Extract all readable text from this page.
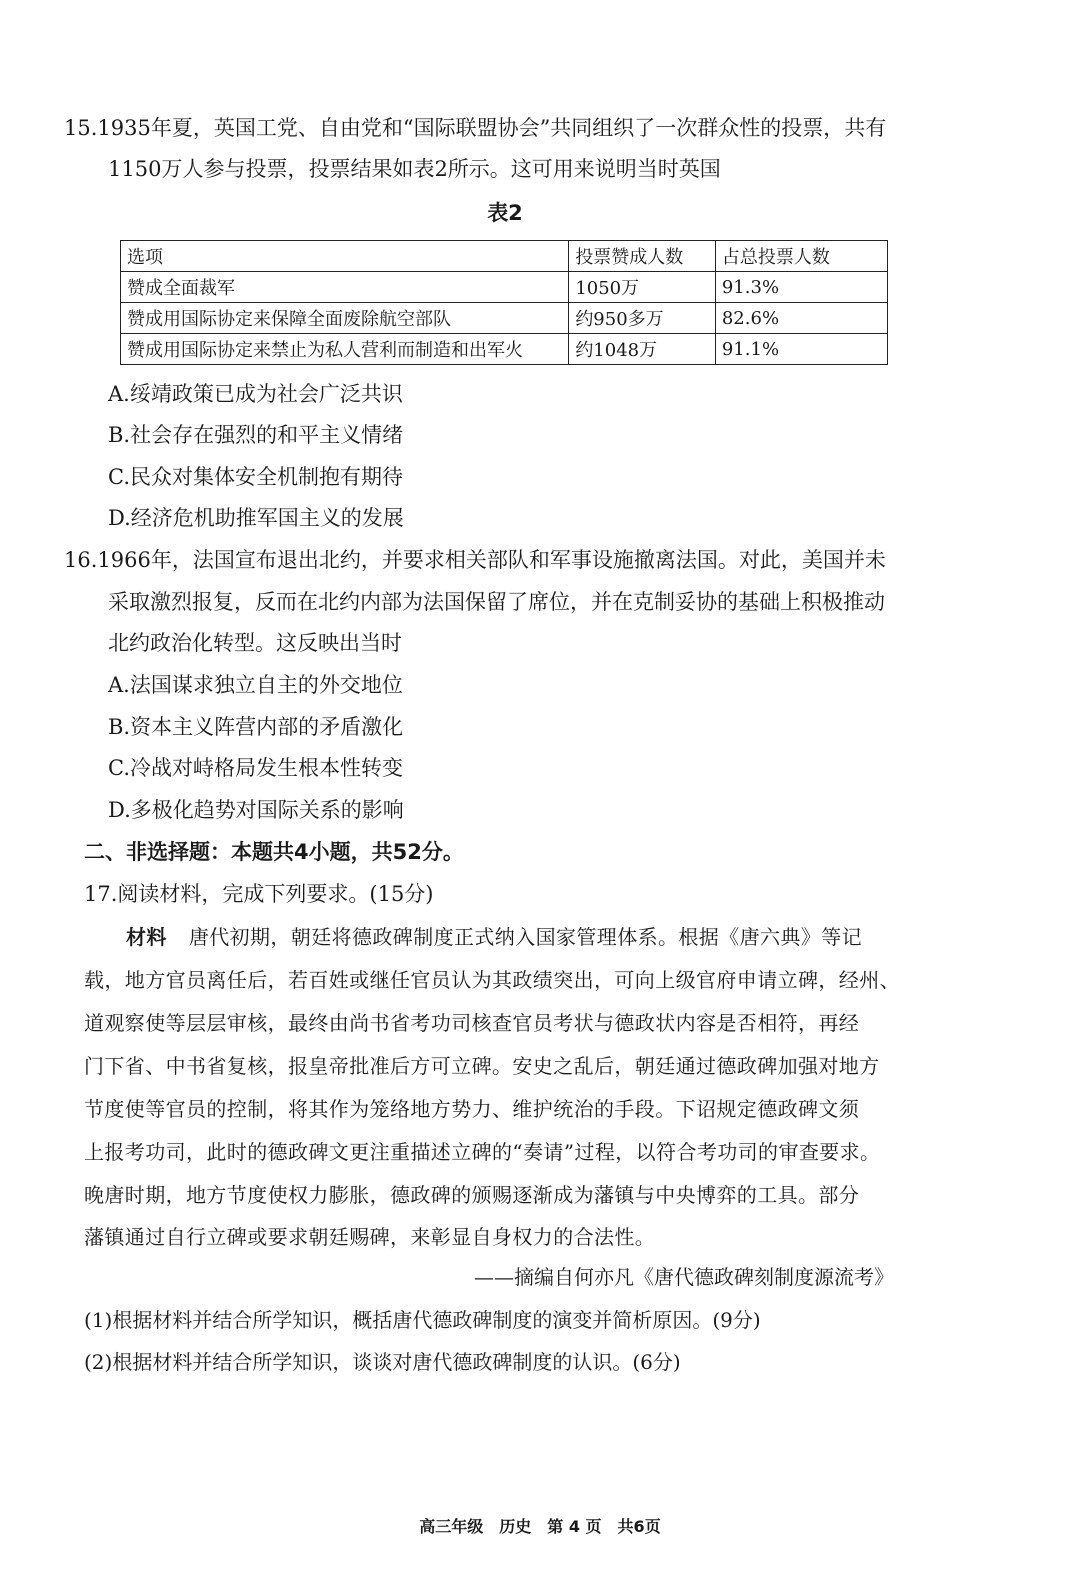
15.1935年夏，英国工党、自由党和“国际联盟协会”共同组织了一次群众性的投票，共有
1150万人参与投票，投票结果如表2所示。这可用来说明当时英国
表2
选项	投票赞成人数	占总投票人数
赞成全面裁军	1050万	91.3%
赞成用国际协定来保障全面废除航空部队	约950多万	82.6%
赞成用国际协定来禁止为私人营利而制造和出军火	约1048万	91.1%
A.绥靖政策已成为社会广泛共识
B.社会存在强烈的和平主义情绪
C.民众对集体安全机制抱有期待
D.经济危机助推军国主义的发展
16.1966年，法国宣布退出北约，并要求相关部队和军事设施撤离法国。对此，美国并未
采取激烈报复，反而在北约内部为法国保留了席位，并在克制妥协的基础上积极推动
北约政治化转型。这反映出当时
A.法国谋求独立自主的外交地位
B.资本主义阵营内部的矛盾激化
C.冷战对峙格局发生根本性转变
D.多极化趋势对国际关系的影响
二、非选择题：本题共4小题，共52分。
17.阅读材料，完成下列要求。(15分)
材料 唐代初期，朝廷将德政碑制度正式纳入国家管理体系。根据《唐六典》等记
载，地方官员离任后，若百姓或继任官员认为其政绩突出，可向上级官府申请立碑，经州、
道观察使等层层审核，最终由尚书省考功司核查官员考状与德政状内容是否相符，再经
门下省、中书省复核，报皇帝批准后方可立碑。安史之乱后，朝廷通过德政碑加强对地方
节度使等官员的控制，将其作为笼络地方势力、维护统治的手段。下诏规定德政碑文须
上报考功司，此时的德政碑文更注重描述立碑的“奏请”过程，以符合考功司的审查要求。
晚唐时期，地方节度使权力膨胀，德政碑的颁赐逐渐成为藩镇与中央博弈的工具。部分
藩镇通过自行立碑或要求朝廷赐碑，来彰显自身权力的合法性。
——摘编自何亦凡《唐代德政碑刻制度源流考》
(1)根据材料并结合所学知识，概括唐代德政碑制度的演变并简析原因。(9分)
(2)根据材料并结合所学知识，谈谈对唐代德政碑制度的认识。(6分)
高三年级　历史　第 4 页　共6页
